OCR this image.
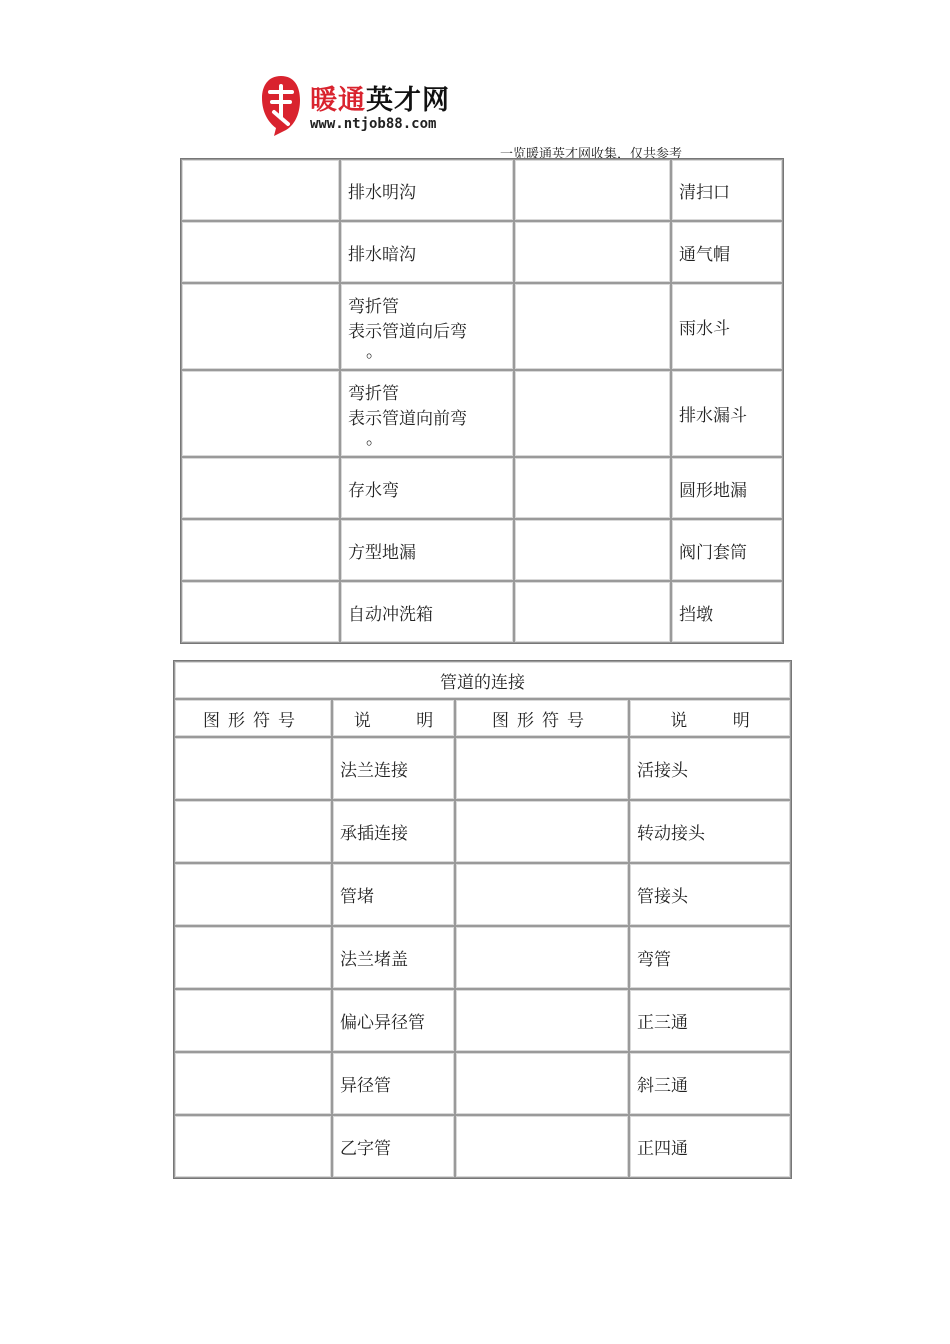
暖通英才网
www.ntjob88.com
一览暖通英才网收集，仅共参考
	排水明沟		清扫口
	排水暗沟		通气帽
	弯折管
表示管道向后弯
。		雨水斗
	弯折管
表示管道向前弯
。		排水漏斗
	存水弯		圆形地漏
	方型地漏		阀门套筒
	自动冲洗箱		挡墩
管道的连接			
图形符号	说 明	图形符号	说 明
	法兰连接		活接头
	承插连接		转动接头
	管堵		管接头
	法兰堵盖		弯管
	偏心异径管		正三通
	异径管		斜三通
	乙字管		正四通
